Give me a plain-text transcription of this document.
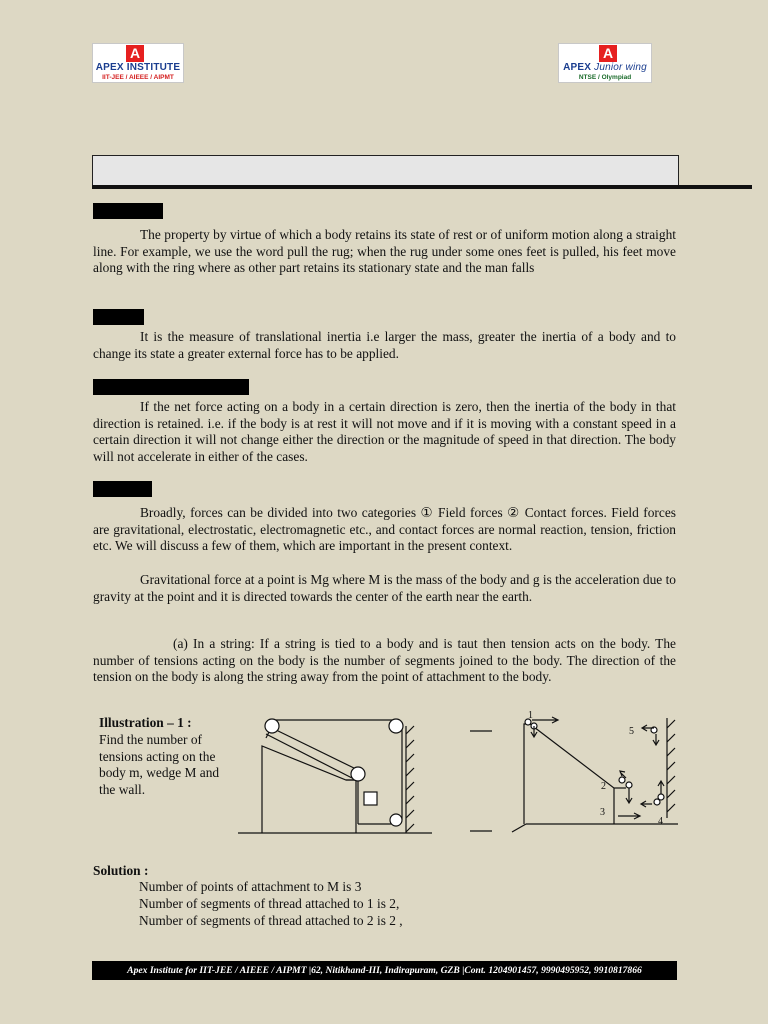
A
APEX INSTITUTE
IIT-JEE / AIEEE / AIPMT
A
APEX Junior wing
NTSE / Olympiad
The property by virtue of which a body retains its state of rest or of uniform motion along a straight line. For example, we use the word pull the rug; when the rug under some ones feet is pulled, his feet move along with the ring where as other part retains its stationary state and the man falls
It is the measure of translational inertia i.e larger the mass, greater the inertia of a body and to change its state a greater external force has to be applied.
If the net force acting on a body in a certain direction is zero, then the inertia of the body in that direction is retained. i.e. if the body is at rest it will not move and if it is moving with a constant speed in a certain direction it will not change either the direction or the magnitude of speed in that direction. The body will not accelerate in either of the cases.
Broadly, forces can be divided into two categories ① Field forces ② Contact forces. Field forces are gravitational, electrostatic, electromagnetic etc., and contact forces are normal reaction, tension, friction etc. We will discuss a few of them, which are important in the present context.
Gravitational force at a point is Mg where M is the mass of the body and g is the acceleration due to gravity at the point and it is directed towards the center of the earth near the earth.
(a) In a string: If a string is tied to a body and is taut then tension acts on the body. The number of tensions acting on the body is the number of segments joined to the body. The direction of the tension on the body is along the string away from the point of attachment to the body.
Illustration – 1 :
Find the number of tensions acting on the body m, wedge M and the wall.
1
2
3
4
5
Solution :
Number of points of attachment to M is 3
Number of segments of thread attached to 1 is 2,
Number of segments of thread attached to 2 is 2 ,
Apex Institute for IIT-JEE / AIEEE / AIPMT |62, Nitikhand-III, Indirapuram, GZB |Cont. 1204901457, 9990495952, 9910817866
